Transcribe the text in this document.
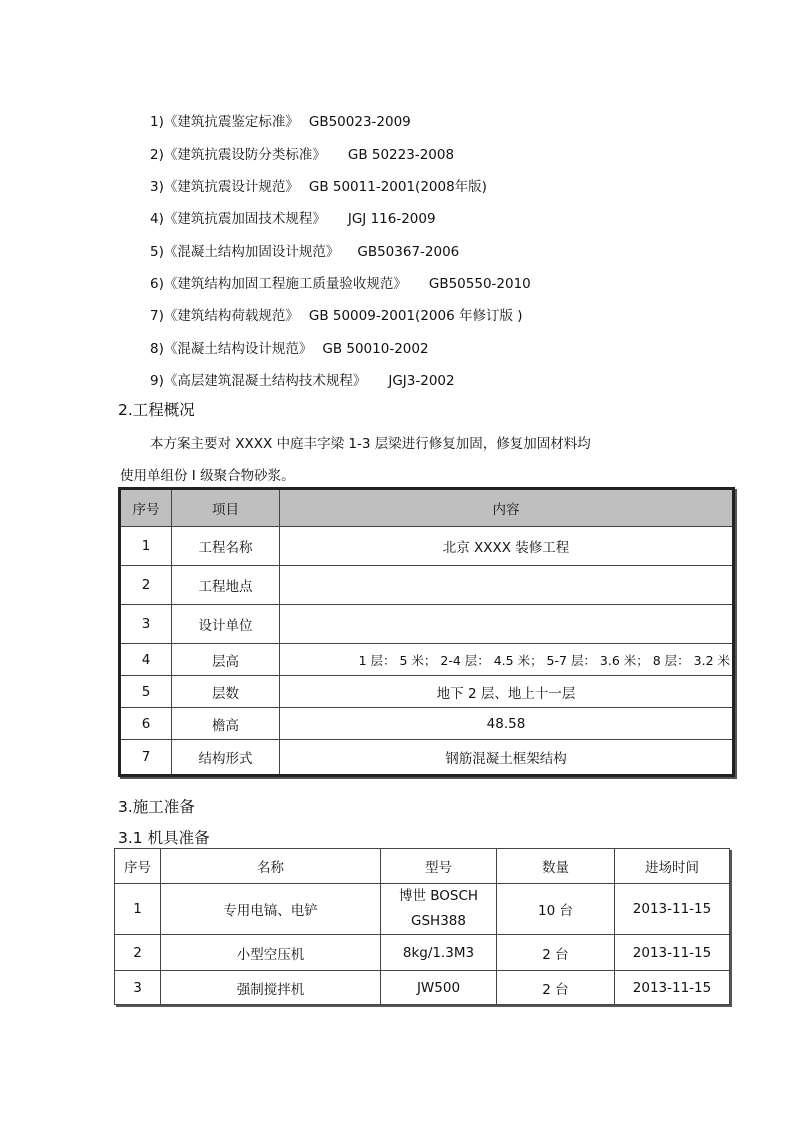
1)《建筑抗震鉴定标准》 GB50023-2009
2)《建筑抗震设防分类标准》 GB 50223-2008
3)《建筑抗震设计规范》 GB 50011-2001(2008年版)
4)《建筑抗震加固技术规程》 JGJ 116-2009
5)《混凝土结构加固设计规范》 GB50367-2006
6)《建筑结构加固工程施工质量验收规范》 GB50550-2010
7)《建筑结构荷载规范》 GB 50009-2001(2006 年修订版 )
8)《混凝土结构设计规范》 GB 50010-2002
9)《高层建筑混凝土结构技术规程》 JGJ3-2002
2.工程概况
本方案主要对 XXXX 中庭丰字梁 1-3 层梁进行修复加固，修复加固材料均
使用单组份 I 级聚合物砂浆。
序号	项目	内容
1	工程名称	北京 XXXX 装修工程
2	工程地点	
3	设计单位	
4	层高	1 层： 5 米； 2-4 层： 4.5 米； 5-7 层： 3.6 米； 8 层： 3.2 米
5	层数	地下 2 层、地上十一层
6	檐高	48.58
7	结构形式	钢筋混凝土框架结构
3.施工准备
3.1 机具准备
序号	名称	型号	数量	进场时间
1	专用电镐、电铲	博世 BOSCH
GSH388	10 台	2013-11-15
2	小型空压机	8kg/1.3M3	2 台	2013-11-15
3	强制搅拌机	JW500	2 台	2013-11-15
